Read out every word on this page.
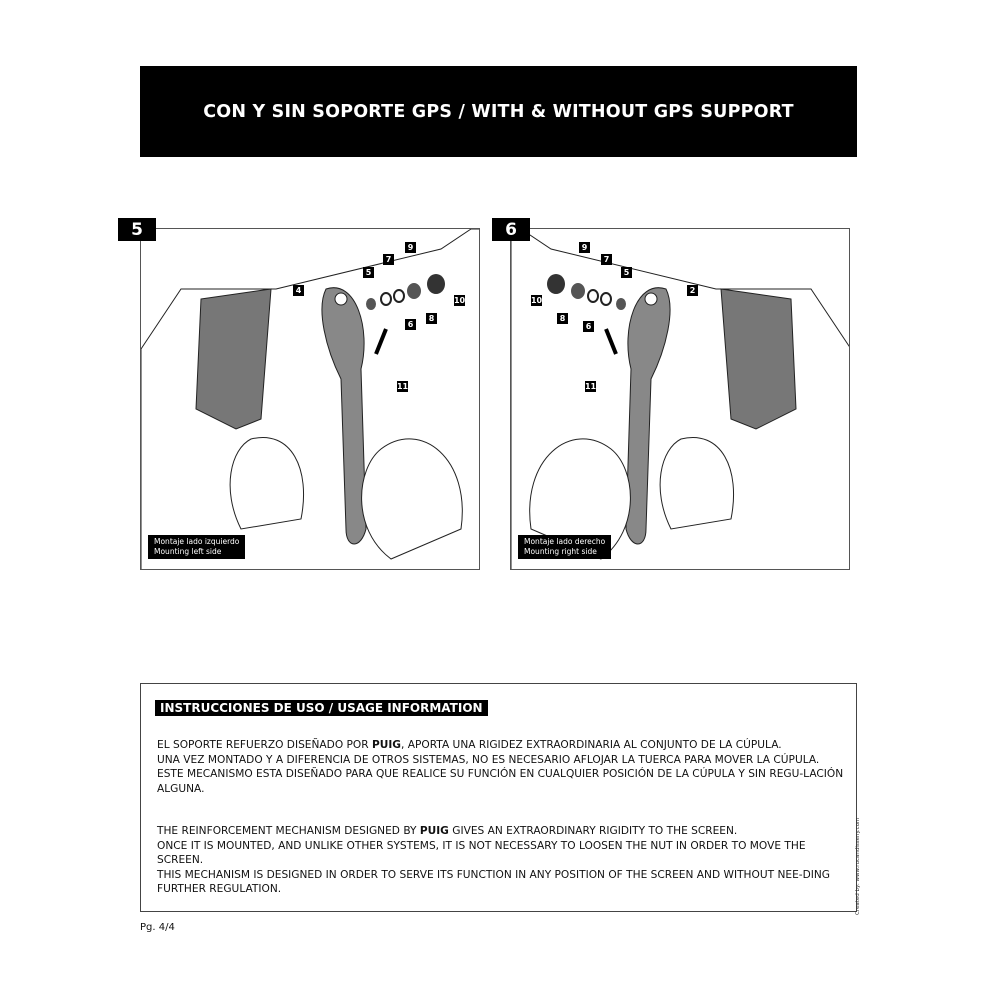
CON Y SIN SOPORTE GPS / WITH & WITHOUT GPS SUPPORT
5
4
5
6
7
8
9
10
11
Montaje lado izquierdo
Mounting left side
6
2
5
6
7
8
9
10
11
Montaje lado derecho
Mounting right side
INSTRUCCIONES DE USO / USAGE INFORMATION
EL SOPORTE REFUERZO DISEÑADO POR PUIG, APORTA UNA RIGIDEZ EXTRAORDINARIA AL CONJUNTO DE LA CÚPULA.
UNA VEZ MONTADO Y A DIFERENCIA DE OTROS SISTEMAS, NO ES NECESARIO AFLOJAR LA TUERCA PARA MOVER LA CÚPULA.
ESTE MECANISMO ESTA DISEÑADO PARA QUE REALICE SU FUNCIÓN EN CUALQUIER POSICIÓN DE LA CÚPULA Y SIN REGU-LACIÓN ALGUNA.
THE REINFORCEMENT MECHANISM DESIGNED BY PUIG GIVES AN EXTRAORDINARY RIGIDITY TO THE SCREEN.
ONCE IT IS MOUNTED, AND UNLIKE OTHER SYSTEMS, IT IS NOT NECESSARY TO LOOSEN THE NUT IN ORDER TO MOVE THE SCREEN.
THIS MECHANISM IS DESIGNED IN ORDER TO SERVE ITS FUNCTION IN ANY POSITION OF THE SCREEN AND WITHOUT NEE-DING FURTHER REGULATION.	Created by: www.rucandisseny.com
Pg. 4/4
